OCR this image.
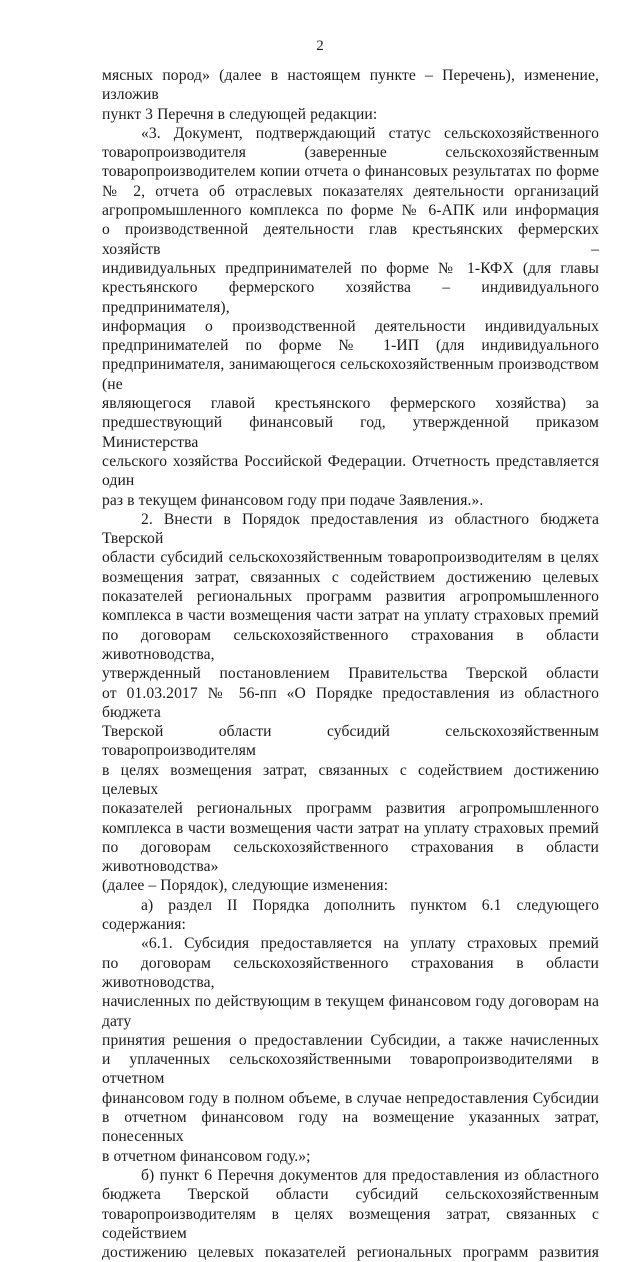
2
мясных пород» (далее в настоящем пункте – Перечень), изменение, изложив
пункт 3 Перечня в следующей редакции:
«3. Документ, подтверждающий статус сельскохозяйственного
товаропроизводителя (заверенные сельскохозяйственным
товаропроизводителем копии отчета о финансовых результатах по форме
№ 2, отчета об отраслевых показателях деятельности организаций
агропромышленного комплекса по форме № 6-АПК или информация
о производственной деятельности глав крестьянских фермерских хозяйств –
индивидуальных предпринимателей по форме № 1-КФХ (для главы
крестьянского фермерского хозяйства – индивидуального предпринимателя),
информация о производственной деятельности индивидуальных
предпринимателей по форме № 1-ИП (для индивидуального
предпринимателя, занимающегося сельскохозяйственным производством (не
являющегося главой крестьянского фермерского хозяйства) за
предшествующий финансовый год, утвержденной приказом Министерства
сельского хозяйства Российской Федерации. Отчетность представляется один
раз в текущем финансовом году при подаче Заявления.».
2. Внести в Порядок предоставления из областного бюджета Тверской
области субсидий сельскохозяйственным товаропроизводителям в целях
возмещения затрат, связанных с содействием достижению целевых
показателей региональных программ развития агропромышленного
комплекса в части возмещения части затрат на уплату страховых премий
по договорам сельскохозяйственного страхования в области животноводства,
утвержденный постановлением Правительства Тверской области
от 01.03.2017 № 56-пп «О Порядке предоставления из областного бюджета
Тверской области субсидий сельскохозяйственным товаропроизводителям
в целях возмещения затрат, связанных с содействием достижению целевых
показателей региональных программ развития агропромышленного
комплекса в части возмещения части затрат на уплату страховых премий
по договорам сельскохозяйственного страхования в области животноводства»
(далее – Порядок), следующие изменения:
а) раздел II Порядка дополнить пунктом 6.1 следующего содержания:
«6.1. Субсидия предоставляется на уплату страховых премий
по договорам сельскохозяйственного страхования в области животноводства,
начисленных по действующим в текущем финансовом году договорам на дату
принятия решения о предоставлении Субсидии, а также начисленных
и уплаченных сельскохозяйственными товаропроизводителями в отчетном
финансовом году в полном объеме, в случае непредоставления Субсидии
в отчетном финансовом году на возмещение указанных затрат, понесенных
в отчетном финансовом году.»;
б) пункт 6 Перечня документов для предоставления из областного
бюджета Тверской области субсидий сельскохозяйственным
товаропроизводителям в целях возмещения затрат, связанных с содействием
достижению целевых показателей региональных программ развития
